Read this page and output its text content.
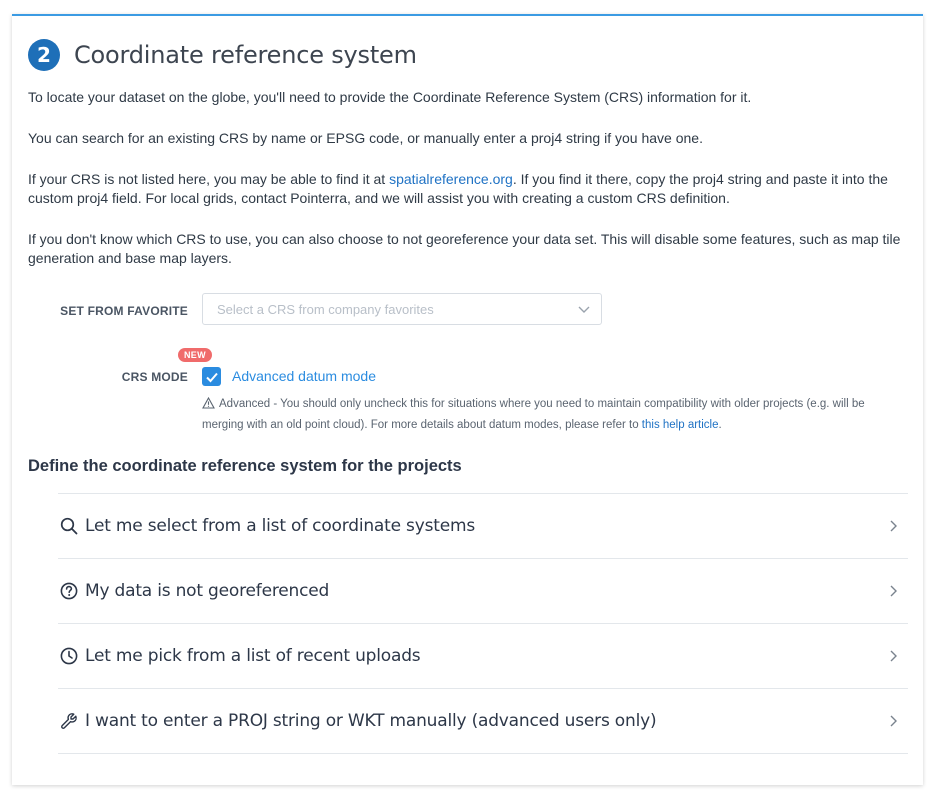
2 Coordinate reference system
To locate your dataset on the globe, you'll need to provide the Coordinate Reference System (CRS) information for it.
You can search for an existing CRS by name or EPSG code, or manually enter a proj4 string if you have one.
If your CRS is not listed here, you may be able to find it at spatialreference.org. If you find it there, copy the proj4 string and paste it into the custom proj4 field. For local grids, contact Pointerra, and we will assist you with creating a custom CRS definition.
If you don't know which CRS to use, you can also choose to not georeference your data set. This will disable some features, such as map tile generation and base map layers.
SET FROM FAVORITE Select a CRS from company favorites
NEW
CRS MODE	Advanced datum mode
Advanced - You should only uncheck this for situations where you need to maintain compatibility with older projects (e.g. will be merging with an old point cloud). For more details about datum modes, please refer to this help article.
Define the coordinate reference system for the projects
Let me select from a list of coordinate systems
My data is not georeferenced
Let me pick from a list of recent uploads
I want to enter a PROJ string or WKT manually (advanced users only)
